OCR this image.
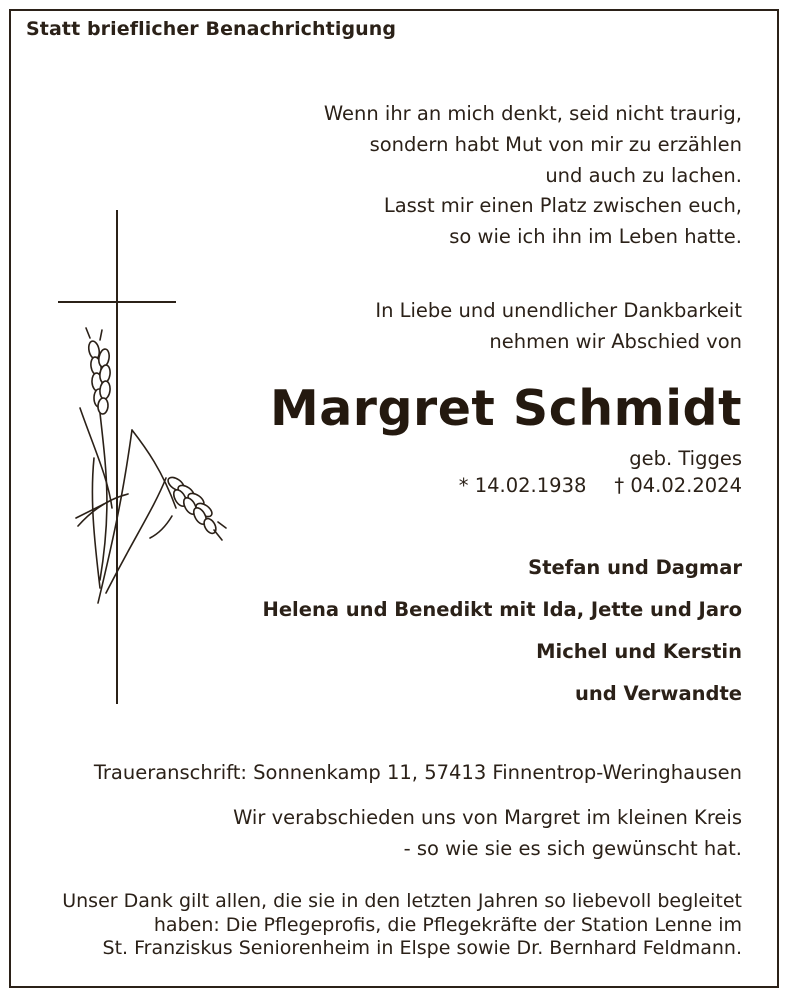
Statt brieflicher Benachrichtigung
Wenn ihr an mich denkt, seid nicht traurig,
sondern habt Mut von mir zu erzählen
und auch zu lachen.
Lasst mir einen Platz zwischen euch,
so wie ich ihn im Leben hatte.
In Liebe und unendlicher Dankbarkeit
nehmen wir Abschied von
Margret Schmidt
geb. Tigges
* 14.02.1938 † 04.02.2024
Stefan und Dagmar
Helena und Benedikt mit Ida, Jette und Jaro
Michel und Kerstin
und Verwandte
Traueranschrift: Sonnenkamp 11, 57413 Finnentrop-Weringhausen
Wir verabschieden uns von Margret im kleinen Kreis
- so wie sie es sich gewünscht hat.
Unser Dank gilt allen, die sie in den letzten Jahren so liebevoll begleitet
haben: Die Pflegeprofis, die Pflegekräfte der Station Lenne im
St. Franziskus Seniorenheim in Elspe sowie Dr. Bernhard Feldmann.
